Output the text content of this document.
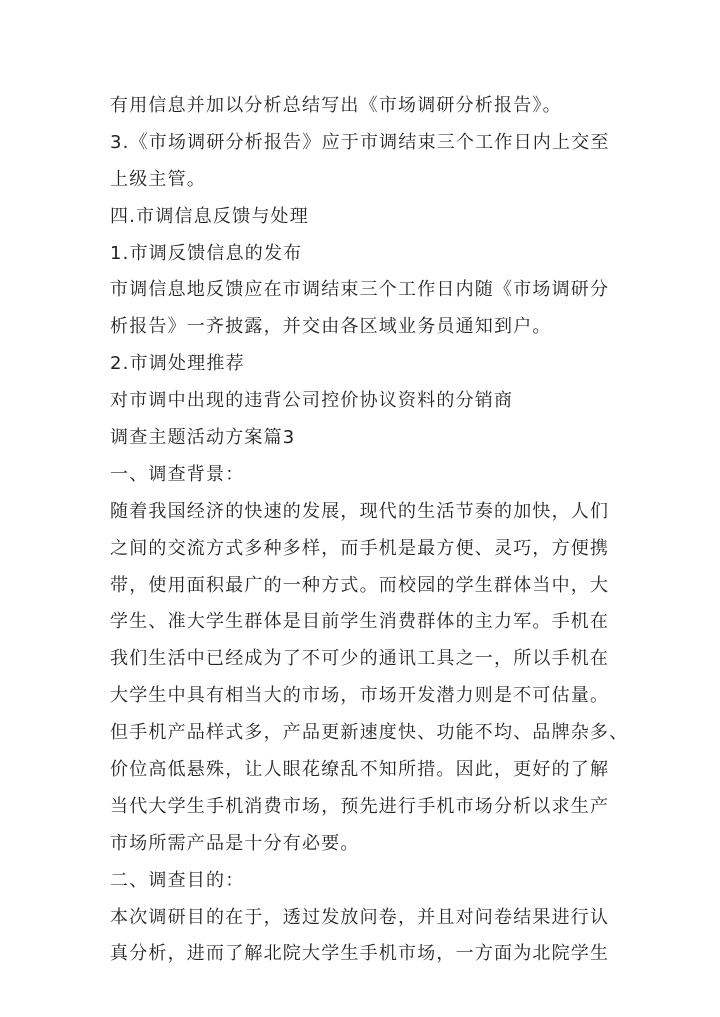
有用信息并加以分析总结写出《市场调研分析报告》。
3.《市场调研分析报告》应于市调结束三个工作日内上交至
上级主管。
四.市调信息反馈与处理
1.市调反馈信息的发布
市调信息地反馈应在市调结束三个工作日内随《市场调研分
析报告》一齐披露，并交由各区域业务员通知到户。
2.市调处理推荐
对市调中出现的违背公司控价协议资料的分销商
调查主题活动方案篇3
一、调查背景：
随着我国经济的快速的发展，现代的生活节奏的加快，人们
之间的交流方式多种多样，而手机是最方便、灵巧，方便携
带，使用面积最广的一种方式。而校园的学生群体当中，大
学生、准大学生群体是目前学生消费群体的主力军。手机在
我们生活中已经成为了不可少的通讯工具之一，所以手机在
大学生中具有相当大的市场，市场开发潜力则是不可估量。
但手机产品样式多，产品更新速度快、功能不均、品牌杂多、
价位高低悬殊，让人眼花缭乱不知所措。因此，更好的了解
当代大学生手机消费市场，预先进行手机市场分析以求生产
市场所需产品是十分有必要。
二、调查目的：
本次调研目的在于，透过发放问卷，并且对问卷结果进行认
真分析，进而了解北院大学生手机市场，一方面为北院学生
